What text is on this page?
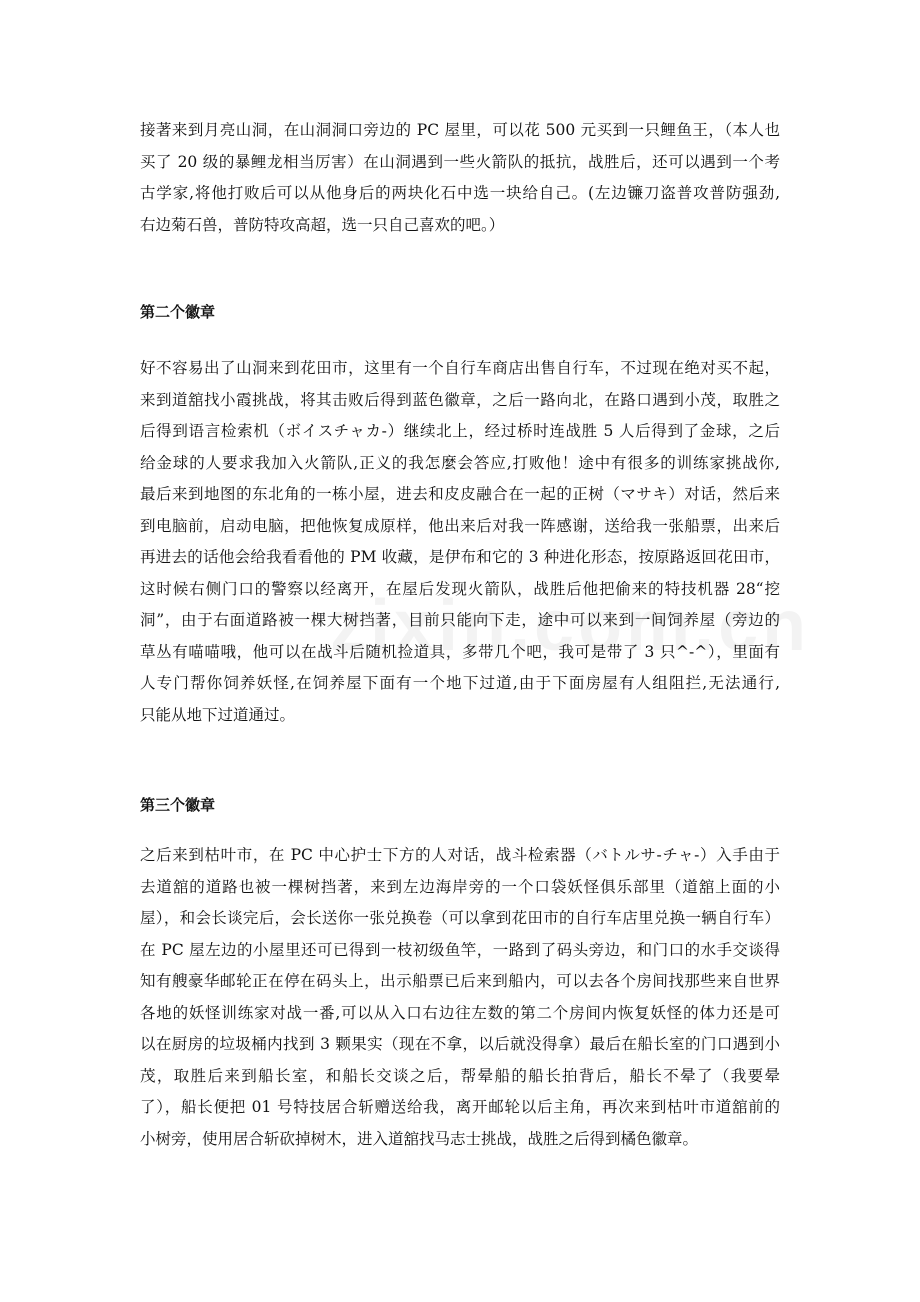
接著来到月亮山洞，在山洞洞口旁边的 PC 屋里，可以花 500 元买到一只鲤鱼王，（本人也
买了 20 级的暴鲤龙相当厉害）在山洞遇到一些火箭队的抵抗，战胜后，还可以遇到一个考
古学家,将他打败后可以从他身后的两块化石中选一块给自己。(左边镰刀盗普攻普防强劲,
右边菊石兽，普防特攻高超，选一只自己喜欢的吧。）
第二个徽章
好不容易出了山洞来到花田市，这里有一个自行车商店出售自行车，不过现在绝对买不起，
来到道舘找小霞挑战，将其击败后得到蓝色徽章，之后一路向北，在路口遇到小茂，取胜之
后得到语言检索机（ボイスチャカ-）继续北上，经过桥时连战胜 5 人后得到了金球，之后
给金球的人要求我加入火箭队,正义的我怎麼会答应,打败他！途中有很多的训练家挑战你,
最后来到地图的东北角的一栋小屋，进去和皮皮融合在一起的正树（マサキ）对话，然后来
到电脑前，启动电脑，把他恢复成原样，他出来后对我一阵感谢，送给我一张船票，出来后
再进去的话他会给我看看他的 PM 收藏，是伊布和它的 3 种进化形态，按原路返回花田市，
这时候右侧门口的警察以经离开，在屋后发现火箭队，战胜后他把偷来的特技机器 28“挖
洞”，由于右面道路被一棵大树挡著，目前只能向下走，途中可以来到一间饲养屋（旁边的
草丛有喵喵哦，他可以在战斗后随机捡道具，多带几个吧，我可是带了 3 只^-^），里面有
人专门帮你饲养妖怪,在饲养屋下面有一个地下过道,由于下面房屋有人组阻拦,无法通行,
只能从地下过道通过。
第三个徽章
之后来到枯叶市，在 PC 中心护士下方的人对话，战斗检索器（バトルサ-チャ-）入手由于
去道舘的道路也被一棵树挡著，来到左边海岸旁的一个口袋妖怪俱乐部里（道舘上面的小
屋），和会长谈完后，会长送你一张兑换卷（可以拿到花田市的自行车店里兑换一辆自行车）
在 PC 屋左边的小屋里还可已得到一枝初级鱼竿，一路到了码头旁边，和门口的水手交谈得
知有艘豪华邮轮正在停在码头上，出示船票已后来到船内，可以去各个房间找那些来自世界
各地的妖怪训练家对战一番,可以从入口右边往左数的第二个房间内恢复妖怪的体力还是可
以在厨房的垃圾桶内找到 3 颗果实（现在不拿，以后就没得拿）最后在船长室的门口遇到小
茂，取胜后来到船长室，和船长交谈之后，帮晕船的船长拍背后，船长不晕了（我要晕
了），船长便把 01 号特技居合斩赠送给我，离开邮轮以后主角，再次来到枯叶市道舘前的
小树旁，使用居合斩砍掉树木，进入道舘找马志士挑战，战胜之后得到橘色徽章。
